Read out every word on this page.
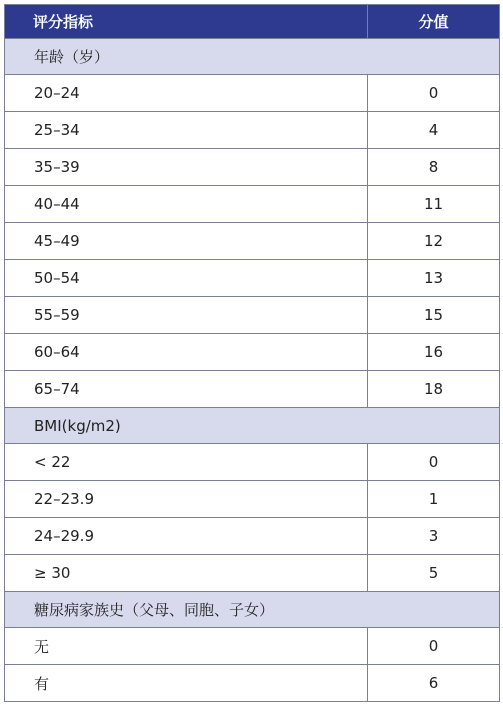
评分指标	分值
年龄（岁）	
20–24	0
25–34	4
35–39	8
40–44	11
45–49	12
50–54	13
55–59	15
60–64	16
65–74	18
BMI(kg/m2)	
< 22	0
22–23.9	1
24–29.9	3
≥ 30	5
糖尿病家族史（父母、同胞、子女）	
无	0
有	6
